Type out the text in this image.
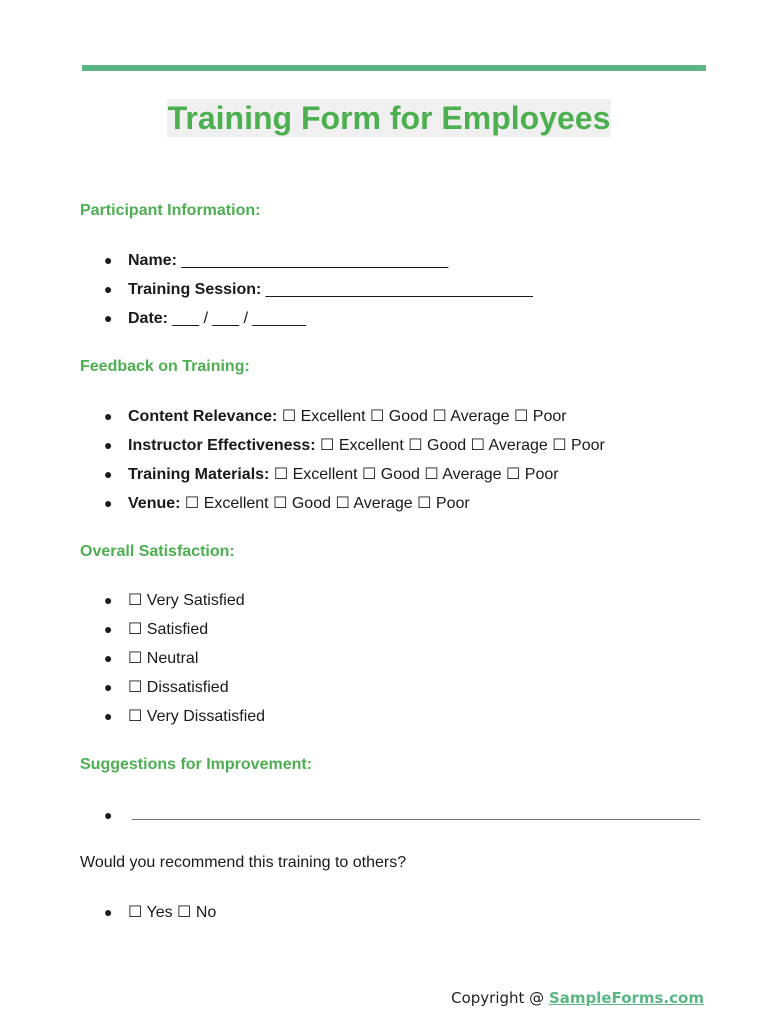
Training Form for Employees
Participant Information:
● Name: ______________________________
● Training Session: ______________________________
● Date: ___ / ___ / ______
Feedback on Training:
● Content Relevance: ☐ Excellent ☐ Good ☐ Average ☐ Poor
● Instructor Effectiveness: ☐ Excellent ☐ Good ☐ Average ☐ Poor
● Training Materials: ☐ Excellent ☐ Good ☐ Average ☐ Poor
● Venue: ☐ Excellent ☐ Good ☐ Average ☐ Poor
Overall Satisfaction:
● ☐ Very Satisfied
● ☐ Satisfied
● ☐ Neutral
● ☐ Dissatisfied
● ☐ Very Dissatisfied
Suggestions for Improvement:
●
Would you recommend this training to others?
● ☐ Yes ☐ No
Copyright @ SampleForms.com
